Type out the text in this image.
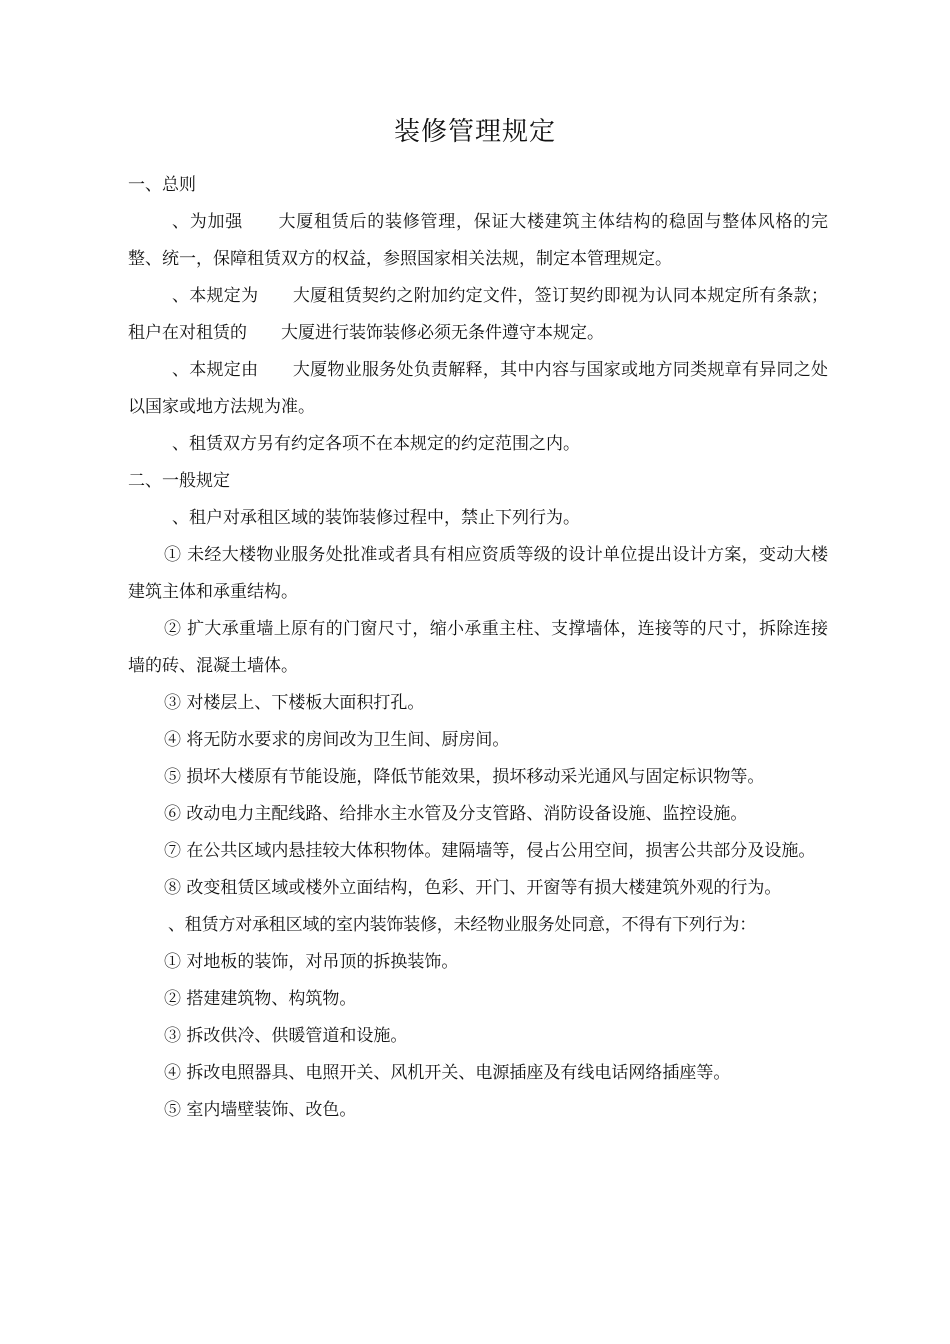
装修管理规定

一、总则

、为加强　　大厦租赁后的装修管理，保证大楼建筑主体结构的稳固与整体风格的完整、统一，保障租赁双方的权益，参照国家相关法规，制定本管理规定。

、本规定为　　大厦租赁契约之附加约定文件，签订契约即视为认同本规定所有条款；租户在对租赁的　　大厦进行装饰装修必须无条件遵守本规定。

、本规定由　　大厦物业服务处负责解释，其中内容与国家或地方同类规章有异同之处以国家或地方法规为准。

、租赁双方另有约定各项不在本规定的约定范围之内。

二、一般规定

、租户对承租区域的装饰装修过程中，禁止下列行为。

① 未经大楼物业服务处批准或者具有相应资质等级的设计单位提出设计方案，变动大楼建筑主体和承重结构。

② 扩大承重墙上原有的门窗尺寸，缩小承重主柱、支撑墙体，连接等的尺寸，拆除连接墙的砖、混凝土墙体。

③ 对楼层上、下楼板大面积打孔。

④ 将无防水要求的房间改为卫生间、厨房间。

⑤ 损坏大楼原有节能设施，降低节能效果，损坏移动采光通风与固定标识物等。

⑥ 改动电力主配线路、给排水主水管及分支管路、消防设备设施、监控设施。

⑦ 在公共区域内悬挂较大体积物体。建隔墙等，侵占公用空间，损害公共部分及设施。

⑧ 改变租赁区域或楼外立面结构，色彩、开门、开窗等有损大楼建筑外观的行为。

、租赁方对承租区域的室内装饰装修，未经物业服务处同意，不得有下列行为：

① 对地板的装饰，对吊顶的拆换装饰。

② 搭建建筑物、构筑物。

③ 拆改供冷、供暖管道和设施。

④ 拆改电照器具、电照开关、风机开关、电源插座及有线电话网络插座等。

⑤ 室内墙壁装饰、改色。
